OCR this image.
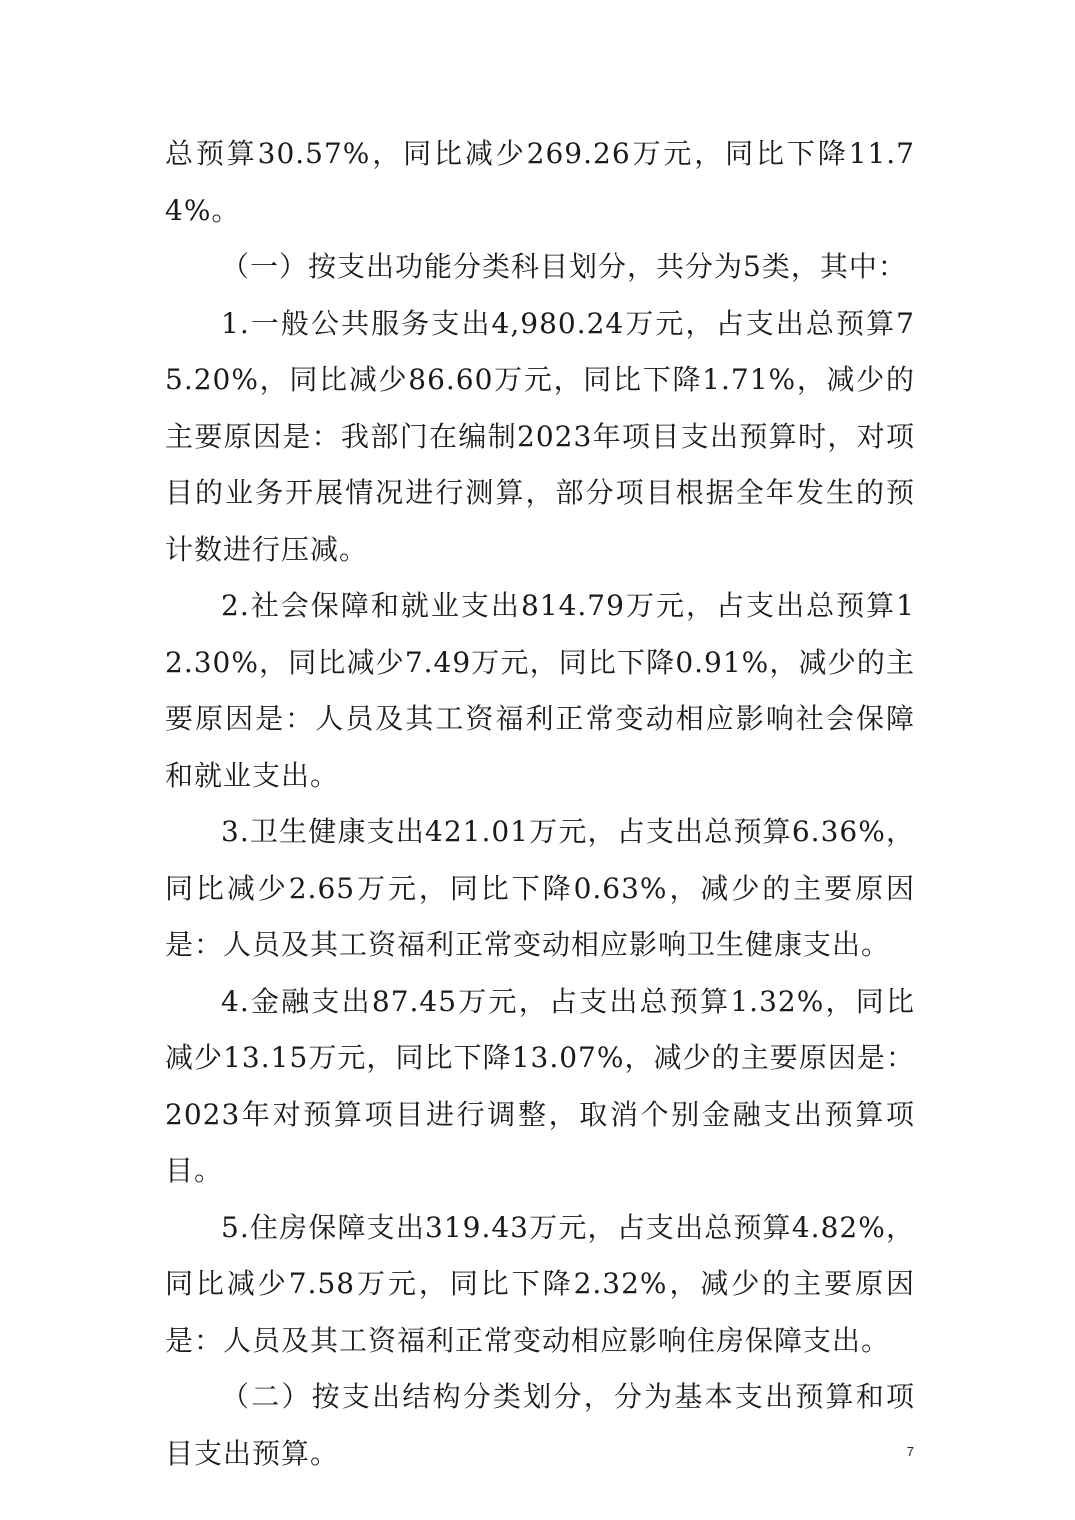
总预算30.57%，同比减少269.26万元，同比下降11.74%。

（一）按支出功能分类科目划分，共分为5类，其中：

1.一般公共服务支出4,980.24万元，占支出总预算75.20%，同比减少86.60万元，同比下降1.71%，减少的主要原因是：我部门在编制2023年项目支出预算时，对项目的业务开展情况进行测算，部分项目根据全年发生的预计数进行压减。

2.社会保障和就业支出814.79万元，占支出总预算12.30%，同比减少7.49万元，同比下降0.91%，减少的主要原因是：人员及其工资福利正常变动相应影响社会保障和就业支出。

3.卫生健康支出421.01万元，占支出总预算6.36%，同比减少2.65万元，同比下降0.63%，减少的主要原因是：人员及其工资福利正常变动相应影响卫生健康支出。

4.金融支出87.45万元，占支出总预算1.32%，同比减少13.15万元，同比下降13.07%，减少的主要原因是：2023年对预算项目进行调整，取消个别金融支出预算项目。

5.住房保障支出319.43万元，占支出总预算4.82%，同比减少7.58万元，同比下降2.32%，减少的主要原因是：人员及其工资福利正常变动相应影响住房保障支出。

（二）按支出结构分类划分，分为基本支出预算和项目支出预算。	7
